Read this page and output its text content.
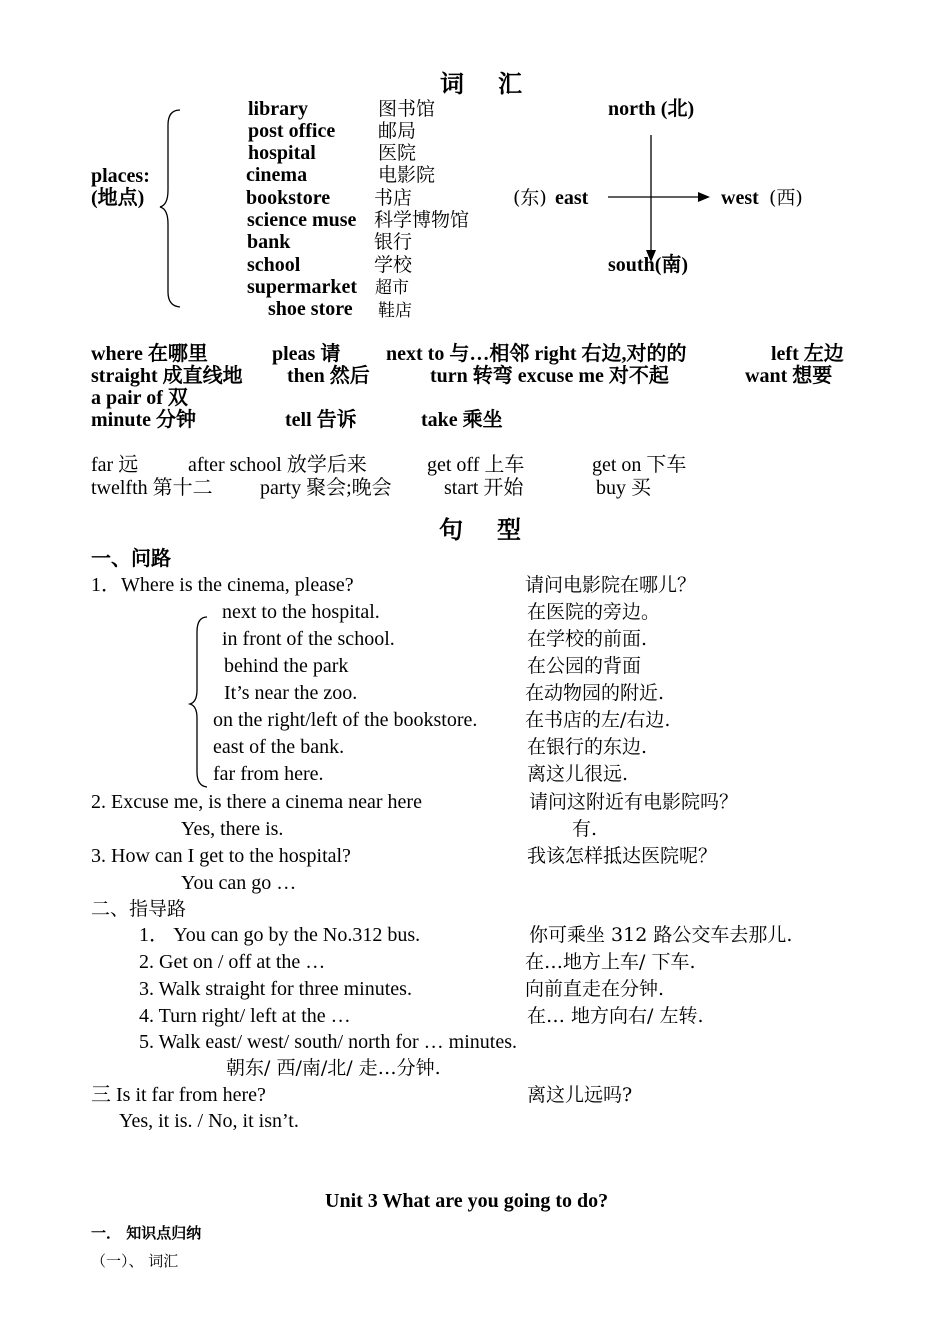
词 汇
places:
(地点)
library	图书馆
post office 邮局
hospital	医院
cinema	电影院
bookstore 书店
science muse 科学博物馆
bank	银行
school	学校
supermarket 超市
shoe store 鞋店
north (北)
(东) east	west (西)
south(南)
where 在哪里	pleas 请 next to 与…相邻 right 右边,对的的	left 左边
straight 成直线地 then 然后	turn 转弯 excuse me 对不起	want 想要
a pair of 双
minute 分钟	tell 告诉	take 乘坐
far 远 after school 放学后来	get off 上车	get on 下车
twelfth 第十二 party 聚会;晚会	start 开始	buy 买
句 型
一、问路
1．Where is the cinema, please?	请问电影院在哪儿？
next to the hospital.	在医院的旁边。
in front of the school.	在学校的前面.
behind the park	在公园的背面
It’s near the zoo.	在动物园的附近.
on the right/left of the bookstore.	在书店的左/右边.
east of the bank.	在银行的东边.
far from here.	离这儿很远.
2. Excuse me, is there a cinema near here	请问这附近有电影院吗？
Yes, there is.	有.
3. How can I get to the hospital?	我该怎样抵达医院呢？
You can go …
二、指导路
1． You can go by the No.312 bus.	你可乘坐 312 路公交车去那儿.
2. Get on / off at the …	在…地方上车/ 下车.
3. Walk straight for three minutes.	向前直走在分钟.
4. Turn right/ left at the …	在… 地方向右/ 左转.
5. Walk east/ west/ south/ north for … minutes.
朝东/ 西/南/北/ 走…分钟.
三 Is it far from here?	离这儿远吗?
Yes, it is. / No, it isn’t.
Unit 3 What are you going to do?
一． 知识点归纳
（一）、 词汇
